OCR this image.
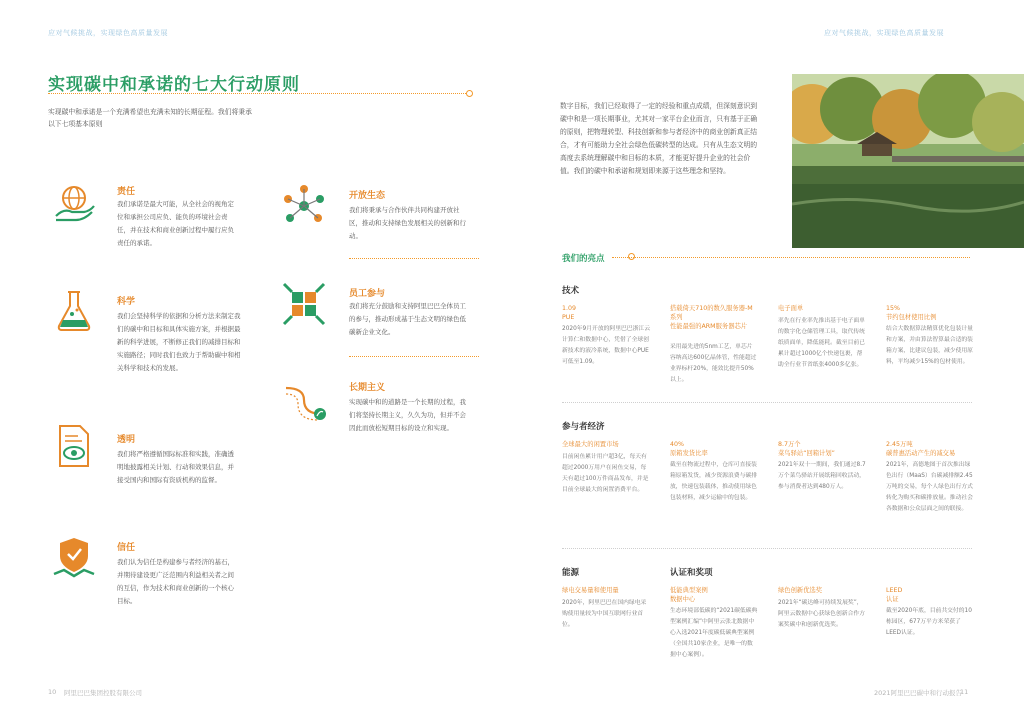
应对气候挑战，实现绿色高质量发展
实现碳中和承诺的七大行动原则
实现碳中和承诺是一个充满希望也充满未知的长期征程。我们将秉承以下七项基本原则
责任
我们承诺是最大可能，从全社会的视角定位和承担公司应负、能负的环境社会责任，并在技术和商业创新过程中履行应负责任的承诺。
开放生态
我们将秉承与合作伙伴共同构建开放社区，推动和支持绿色发展相关的创新和行动。
科学
我们会坚持科学的依据和分析方法来制定我们的碳中和目标和具体实施方案，并根据最新的科学进展，不断修正我们的减排目标和实施路径；同时我们也致力于帮助碳中和相关科学和技术的发展。
员工参与
我们将充分鼓励和支持阿里巴巴全体员工的参与，推动形成基于生态文明的绿色低碳新企业文化。
长期主义
实现碳中和的道路是一个长期的过程，我们将坚持长期主义，久久为功，但并不会因此而放松短期目标的设立和实现。
透明
我们将严格遵循国际标准和实践，准确透明地披露相关计划、行动和效果信息，并接受国内和国际有资质机构的监督。
信任
我们认为信任是构建参与者经济的基石，并期待建设更广泛范围内利益相关者之间的互信，作为技术和商业创新的一个核心目标。
10 阿里巴巴集团控股有限公司
应对气候挑战，实现绿色高质量发展
数字目标，我们已经取得了一定的经验和重点成绩，但深刻意识到碳中和是一项长期事业，尤其对一家平台企业而言，只有基于正确的原则，把物理转型、科技创新和参与者经济中的商业创新真正结合，才有可能助力全社会绿色低碳转型的达成。只有从生态文明的高度去系统理解碳中和目标的本质，才能更好提升企业的社会价值。我们的碳中和承诺和规划即来源于这些理念和坚持。
我们的亮点
技术
1.09
PUE
2020年9月开放的阿里巴巴浙江云计算仁和数据中心，凭借了全球创新技术的液冷系统，数据中心PUE可低至1.09。
搭载倚天710的数久服务器-M系列
性能最强的ARM服务器芯片
采用最先进的5nm工艺，单芯片容纳高达600亿晶体管，性能超过业界标杆20%，能效比提升50%以上。
电子面单
率先在行业率先推出基于电子面单的数字化仓储管理工具，取代传统纸质面单，降低能耗。截至目前已累计超过1000亿个快递包裹，帮助全行业节省纸张4000多亿张。
15%
节约包材使用比例
结合大数据算法精算优化包装计量和方案，并由算法智算最合适的装箱方案，比建议包装，减少使用原料，平均减少15%的包材使用。
参与者经济
全球最大的闲置市场
目前闲鱼累计用户超3亿，每天有超过2000万用户在闲鱼交易，每天有超过100万件商品发布，并是目前全球最大的闲置消费平台。
40%
原箱发货比率
截至在物流过程中，仓库可直接装箱原箱发货，减少资源浪费与碳排放，快速包装载体，推动使用绿色包装材料，减少运输中的包装。
8.7万个
菜鸟驿站“回箱计划”
2021年双十一期间，我们通过8.7万个菜鸟驿站开展纸箱回收活动，参与消费者达到480万人。
2.45万吨
碳普惠活动产生的减交易
2021年，高德地图于首次推出绿色出行（MaaS）台碳减排额2.45万吨的交易，每个人绿色出行方式转化为购买和碳排放量。推动社会各数据和公众层面之间的联接。
能源
绿电交易量和使用量
2020年，阿里巴巴在国内绿电采购使用量较为中国互联网行业首位。
认证和奖项
低能典型案例
数据中心
生态环境部低碳的“2021碳低碳典型案例汇编”中阿里云张北数据中心入选2021年度碳低碳典型案例（全国共10家企业，是唯一的数据中心案例）。
绿色创新优选奖
2021年“碳达峰可持续发展奖”，阿里云数据中心获绿色创新合作方案奖碳中和创新优选奖。
LEED
认证
截至2020年底，目前共交付的10栋园区，677万平方米荣获了LEED认证。
2021阿里巴巴碳中和行动报告
11
